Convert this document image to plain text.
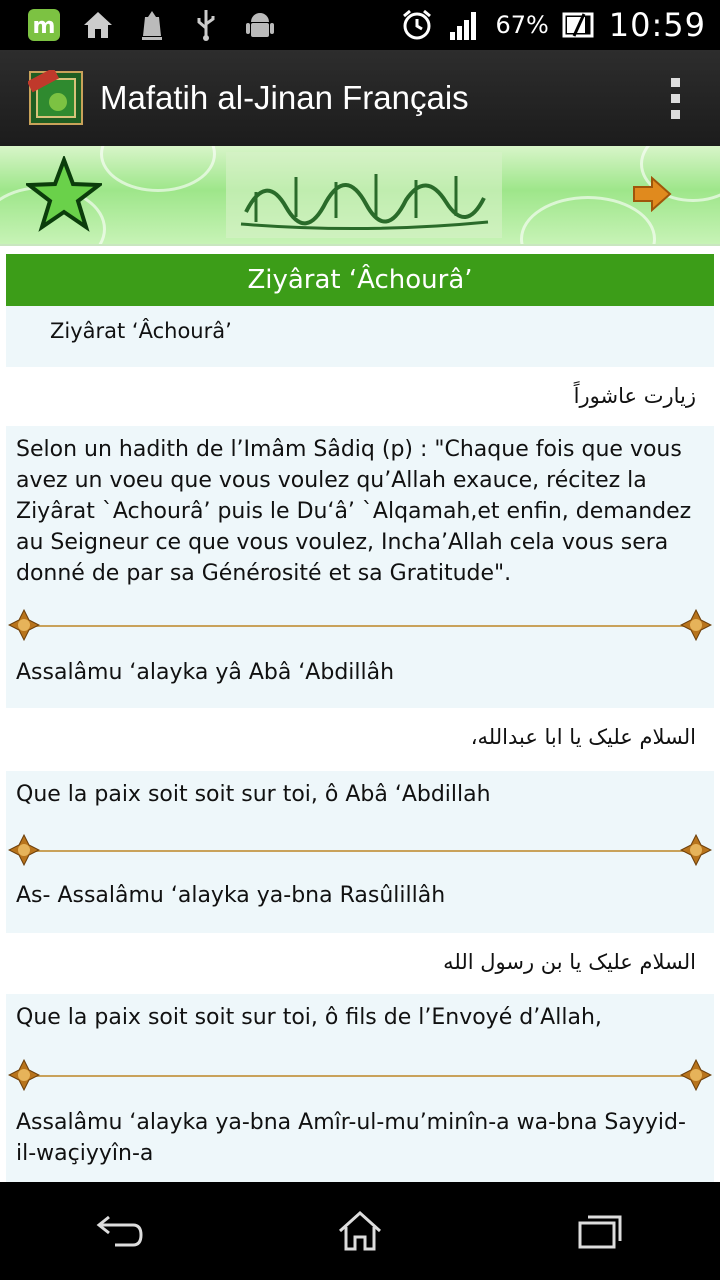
m	67% 10:59
Mafatih al-Jinan Français
Ziyârat ‘Âchourâ’
Ziyârat ‘Âchourâ’
زيارت عاشوراً
Selon un hadith de l’Imâm Sâdiq (p) : "Chaque fois que vous avez un voeu que vous voulez qu’Allah exauce, récitez la Ziyârat `Achourâ’ puis le Du‘â’ `Alqamah,et enfin, demandez au Seigneur ce que vous voulez, Incha’Allah cela vous sera donné de par sa Générosité et sa Gratitude".
Assalâmu ‘alayka yâ Abâ ‘Abdillâh
السلام علیک یا ابا عبدالله،
Que la paix soit soit sur toi, ô Abâ ‘Abdillah
As- Assalâmu ‘alayka ya-bna Rasûlillâh
السلام علیک یا بن رسول الله
Que la paix soit soit sur toi, ô fils de l’Envoyé d’Allah,
Assalâmu ‘alayka ya-bna Amîr-ul-mu’minîn-a wa-bna Sayyid-il-waçiyyîn-a
